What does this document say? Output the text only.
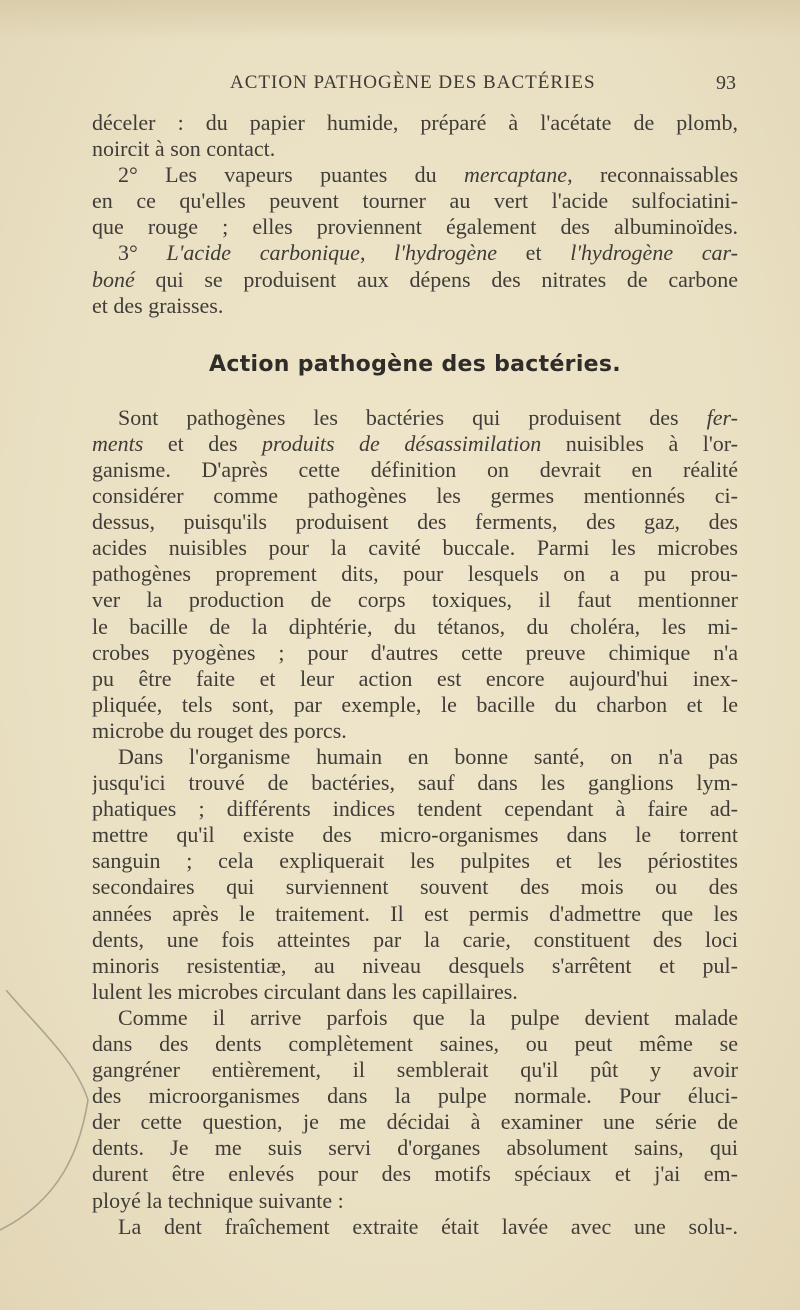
ACTION PATHOGÈNE DES BACTÉRIES	93
déceler : du papier humide, préparé à l'acétate de plomb,
noircit à son contact.
2° Les vapeurs puantes du mercaptane, reconnaissables
en ce qu'elles peuvent tourner au vert l'acide sulfociatini-
que rouge ; elles proviennent également des albuminoïdes.
3° L'acide carbonique, l'hydrogène et l'hydrogène car-
boné qui se produisent aux dépens des nitrates de carbone
et des graisses.
Action pathogène des bactéries.
Sont pathogènes les bactéries qui produisent des fer-
ments et des produits de désassimilation nuisibles à l'or-
ganisme. D'après cette définition on devrait en réalité
considérer comme pathogènes les germes mentionnés ci-
dessus, puisqu'ils produisent des ferments, des gaz, des
acides nuisibles pour la cavité buccale. Parmi les microbes
pathogènes proprement dits, pour lesquels on a pu prou-
ver la production de corps toxiques, il faut mentionner
le bacille de la diphtérie, du tétanos, du choléra, les mi-
crobes pyogènes ; pour d'autres cette preuve chimique n'a
pu être faite et leur action est encore aujourd'hui inex-
pliquée, tels sont, par exemple, le bacille du charbon et le
microbe du rouget des porcs.
Dans l'organisme humain en bonne santé, on n'a pas
jusqu'ici trouvé de bactéries, sauf dans les ganglions lym-
phatiques ; différents indices tendent cependant à faire ad-
mettre qu'il existe des micro-organismes dans le torrent
sanguin ; cela expliquerait les pulpites et les périostites
secondaires qui surviennent souvent des mois ou des
années après le traitement. Il est permis d'admettre que les
dents, une fois atteintes par la carie, constituent des loci
minoris resistentiæ, au niveau desquels s'arrêtent et pul-
lulent les microbes circulant dans les capillaires.
Comme il arrive parfois que la pulpe devient malade
dans des dents complètement saines, ou peut même se
gangréner entièrement, il semblerait qu'il pût y avoir
des microorganismes dans la pulpe normale. Pour éluci-
der cette question, je me décidai à examiner une série de
dents. Je me suis servi d'organes absolument sains, qui
durent être enlevés pour des motifs spéciaux et j'ai em-
ployé la technique suivante :
La dent fraîchement extraite était lavée avec une solu-.
